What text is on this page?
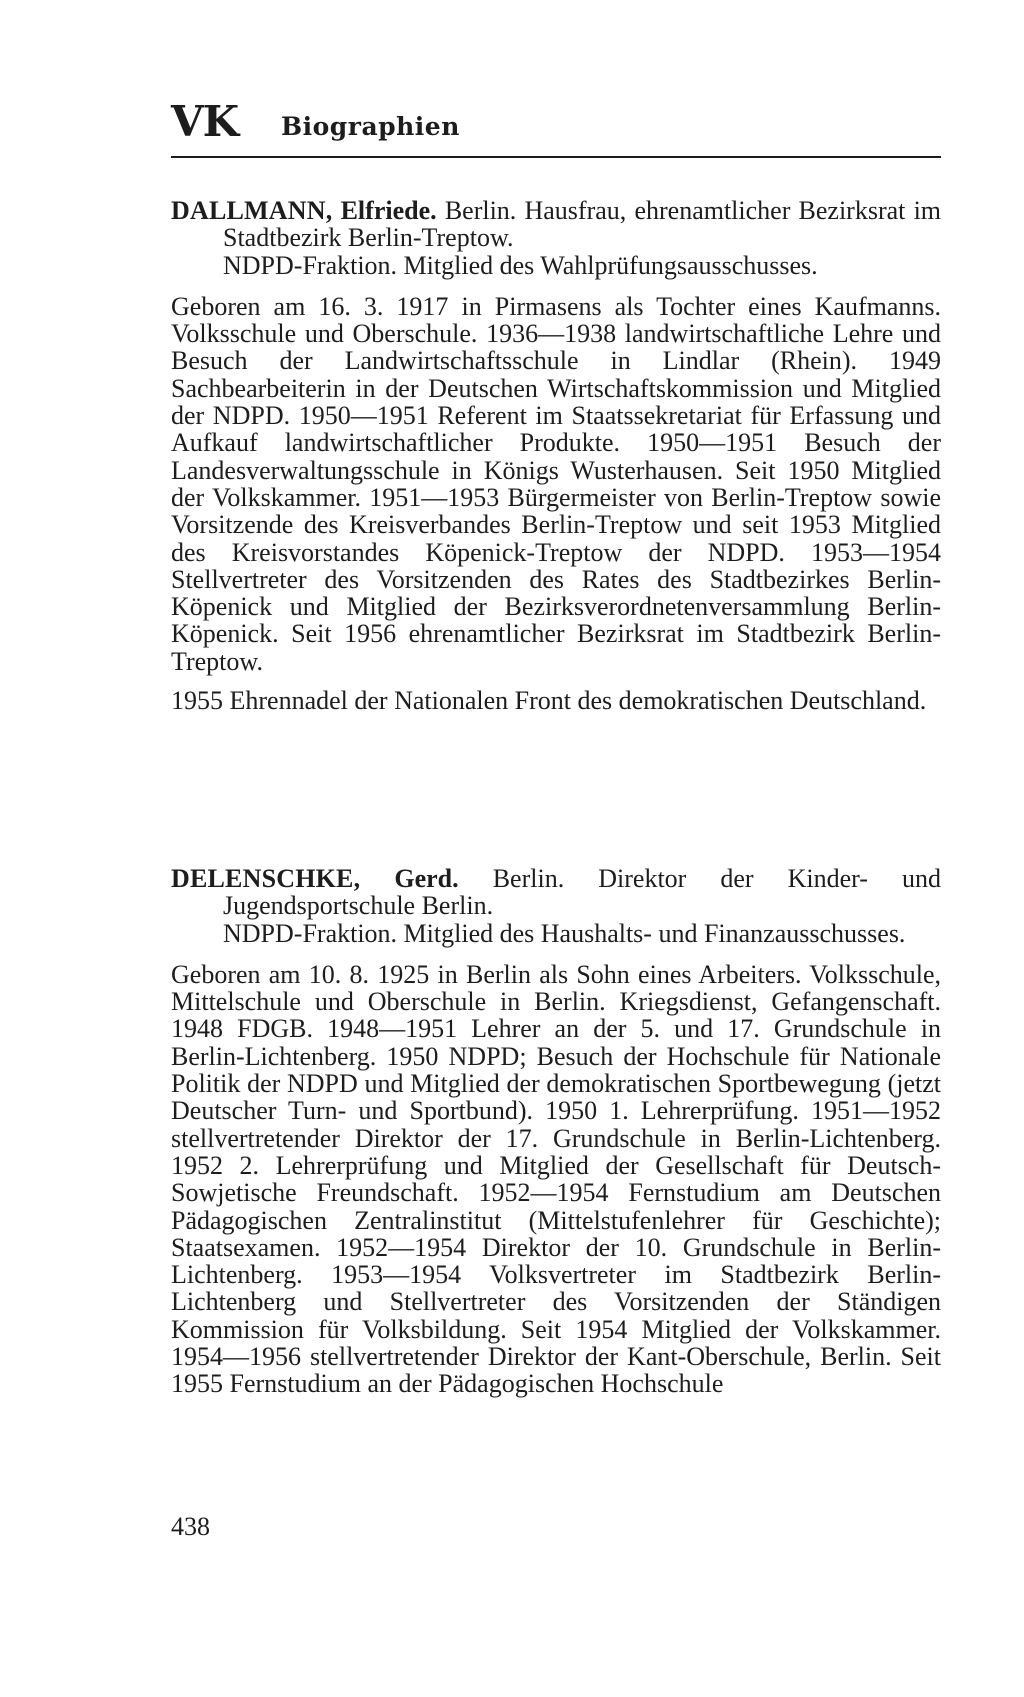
VK Biographien

DALLMANN, Elfriede. Berlin. Hausfrau, ehrenamtlicher Bezirksrat im Stadtbezirk Berlin-Treptow.

NDPD-Fraktion. Mitglied des Wahlprüfungsausschusses.

Geboren am 16. 3. 1917 in Pirmasens als Tochter eines Kaufmanns. Volksschule und Oberschule. 1936—1938 landwirtschaftliche Lehre und Besuch der Landwirtschaftsschule in Lindlar (Rhein). 1949 Sachbearbeiterin in der Deutschen Wirtschaftskommission und Mitglied der NDPD. 1950—1951 Referent im Staatssekretariat für Erfassung und Aufkauf landwirtschaftlicher Produkte. 1950—1951 Besuch der Landesverwaltungsschule in Königs Wusterhausen. Seit 1950 Mitglied der Volkskammer. 1951—1953 Bürgermeister von Berlin-Treptow sowie Vorsitzende des Kreisverbandes Berlin-Treptow und seit 1953 Mitglied des Kreisvorstandes Köpenick-Treptow der NDPD. 1953—1954 Stellvertreter des Vorsitzenden des Rates des Stadtbezirkes Berlin-Köpenick und Mitglied der Bezirksverordnetenversammlung Berlin-Köpenick. Seit 1956 ehrenamtlicher Bezirksrat im Stadtbezirk Berlin-Treptow.

1955 Ehrennadel der Nationalen Front des demokratischen Deutschland.

DELENSCHKE, Gerd. Berlin. Direktor der Kinder- und Jugendsportschule Berlin.

NDPD-Fraktion. Mitglied des Haushalts- und Finanzausschusses.

Geboren am 10. 8. 1925 in Berlin als Sohn eines Arbeiters. Volksschule, Mittelschule und Oberschule in Berlin. Kriegsdienst, Gefangenschaft. 1948 FDGB. 1948—1951 Lehrer an der 5. und 17. Grundschule in Berlin-Lichtenberg. 1950 NDPD; Besuch der Hochschule für Nationale Politik der NDPD und Mitglied der demokratischen Sportbewegung (jetzt Deutscher Turn- und Sportbund). 1950 1. Lehrerprüfung. 1951—1952 stellvertretender Direktor der 17. Grundschule in Berlin-Lichtenberg. 1952 2. Lehrerprüfung und Mitglied der Gesellschaft für Deutsch-Sowjetische Freundschaft. 1952—1954 Fernstudium am Deutschen Pädagogischen Zentralinstitut (Mittelstufenlehrer für Geschichte); Staatsexamen. 1952—1954 Direktor der 10. Grundschule in Berlin-Lichtenberg. 1953—1954 Volksvertreter im Stadtbezirk Berlin-Lichtenberg und Stellvertreter des Vorsitzenden der Ständigen Kommission für Volksbildung. Seit 1954 Mitglied der Volkskammer. 1954—1956 stellvertretender Direktor der Kant-Oberschule, Berlin. Seit 1955 Fernstudium an der Pädagogischen Hochschule

438
